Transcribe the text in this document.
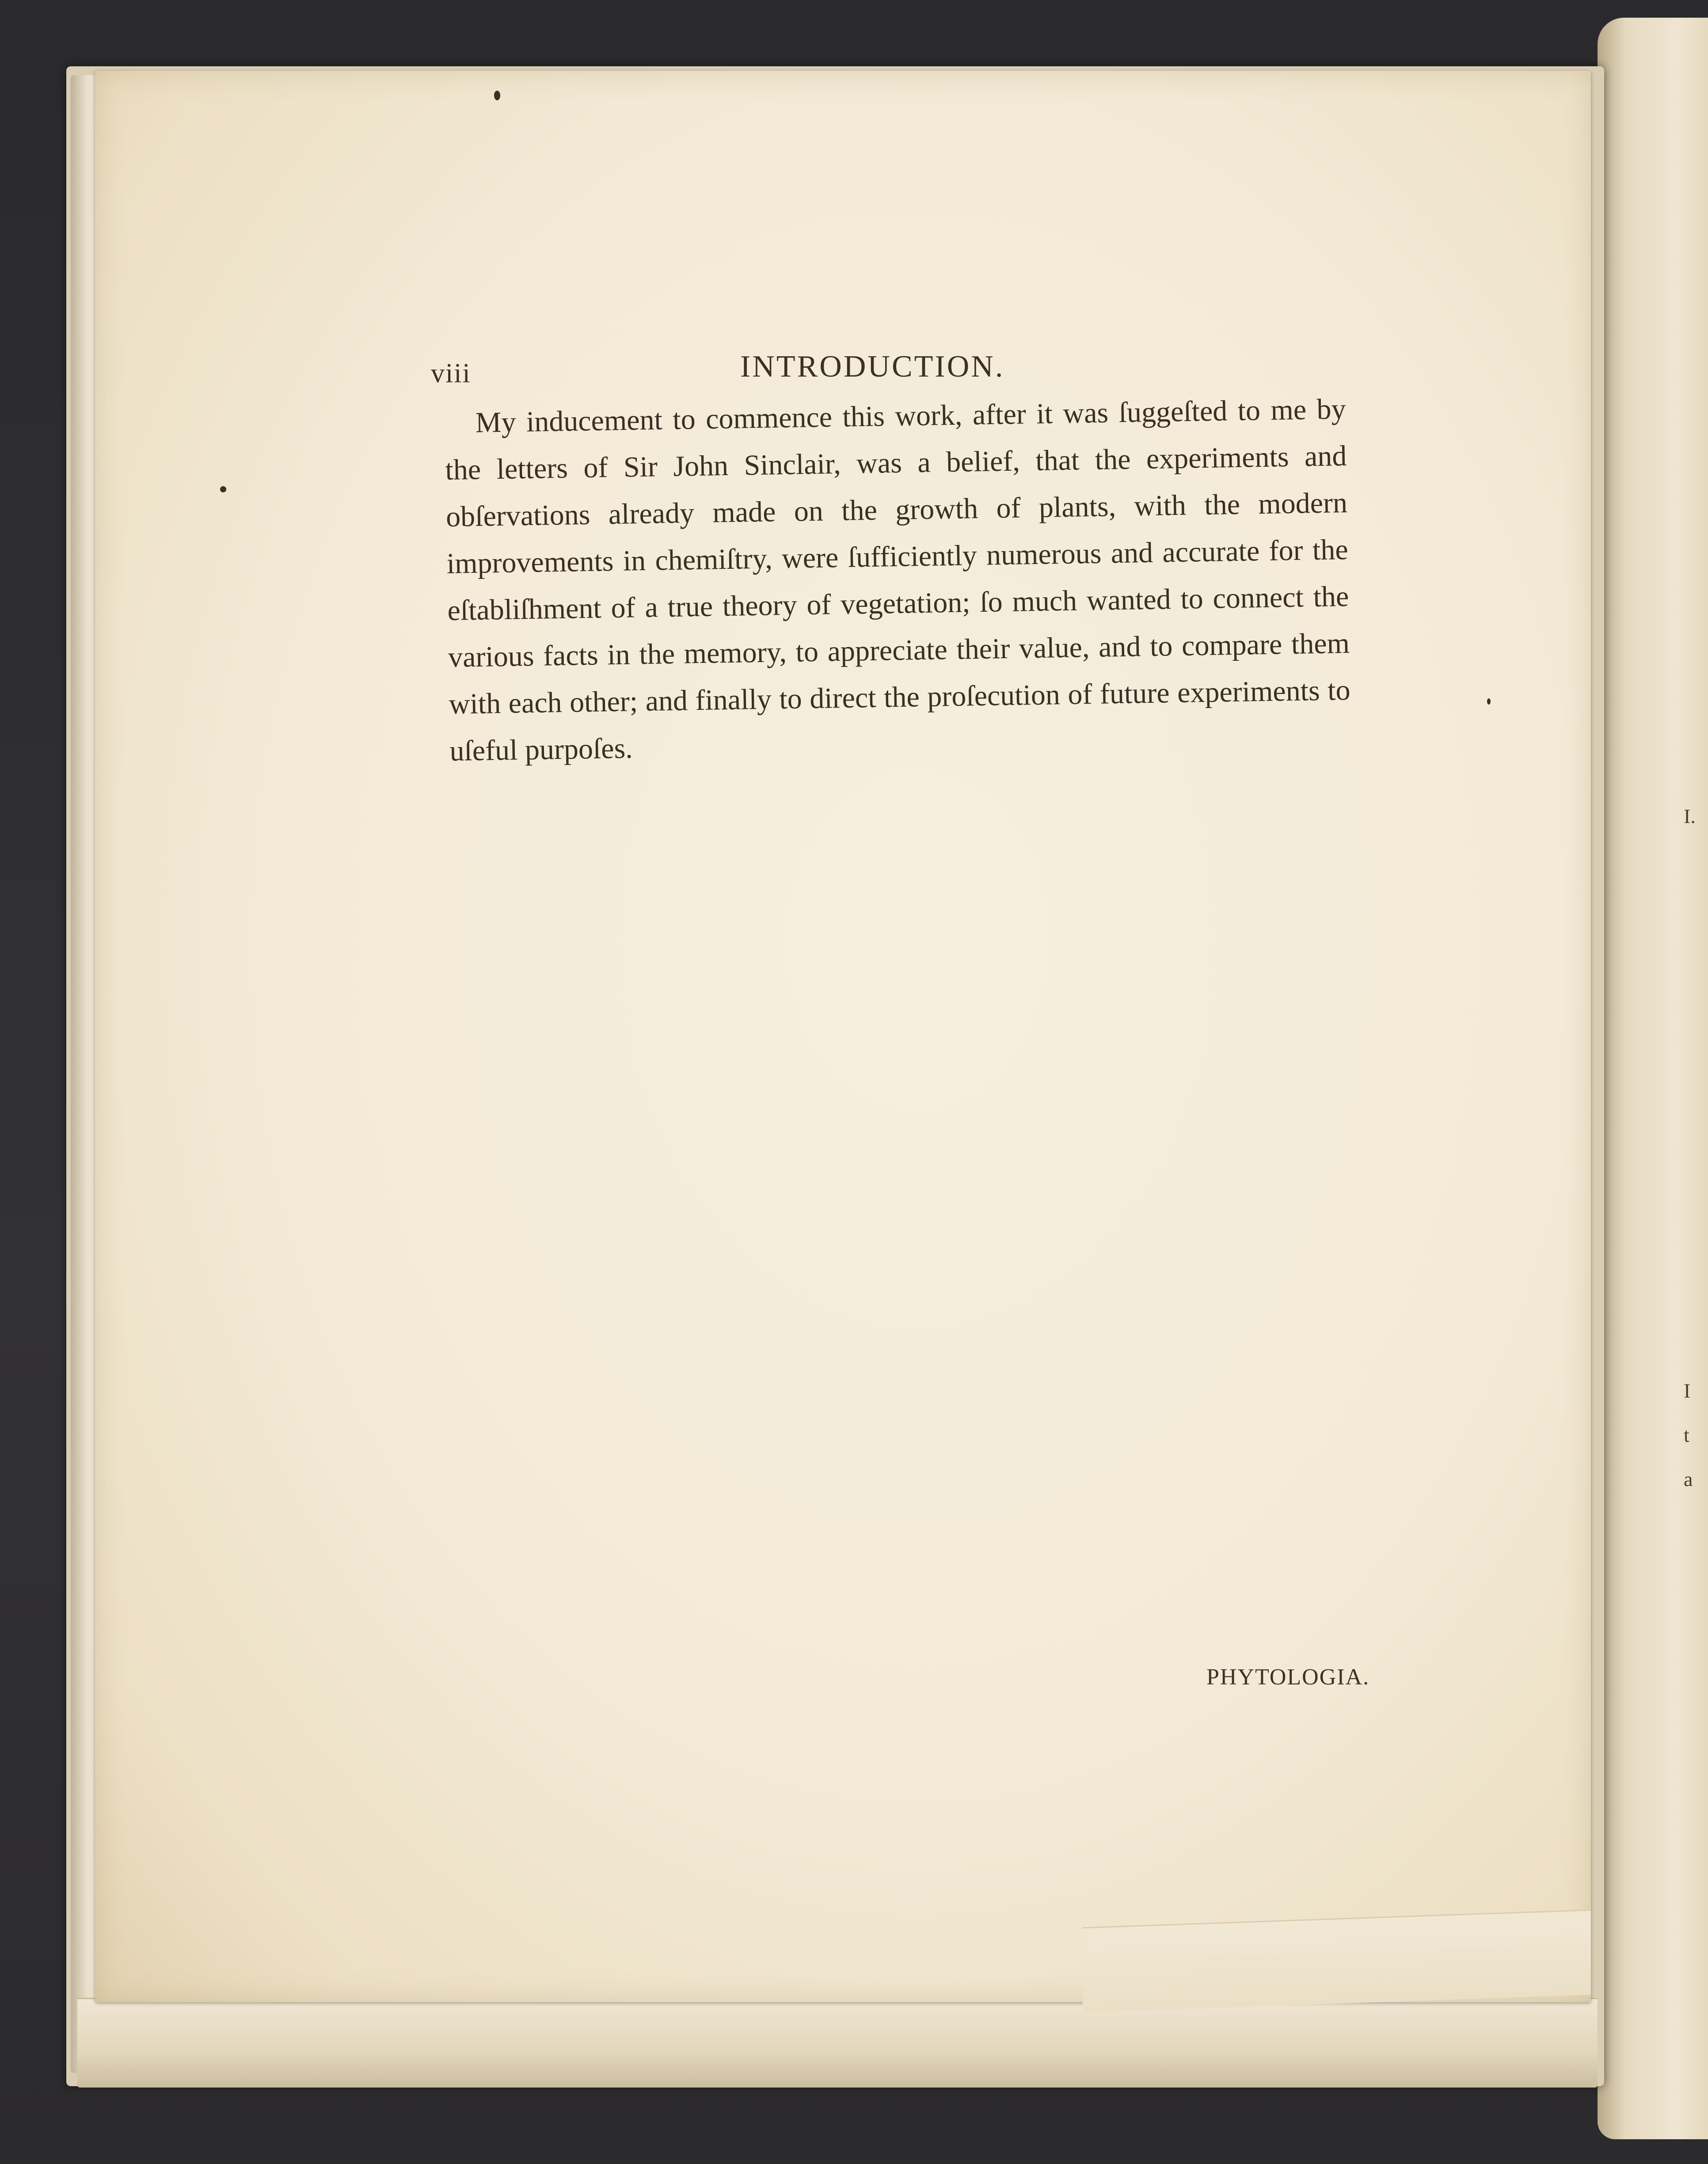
I.
I
t
a
viii	INTRODUCTION.

My inducement to commence this work, after it was ſuggeſted to me by the letters of Sir John Sinclair, was a belief, that the experiments and obſervations already made on the growth of plants, with the modern improvements in chemiſtry, were ſufficiently numerous and accurate for the eſtabliſhment of a true theory of vegetation; ſo much wanted to connect the various facts in the memory, to appreciate their value, and to compare them with each other; and finally to direct the proſecution of future experiments to uſeful purpoſes.

PHYTOLOGIA.
